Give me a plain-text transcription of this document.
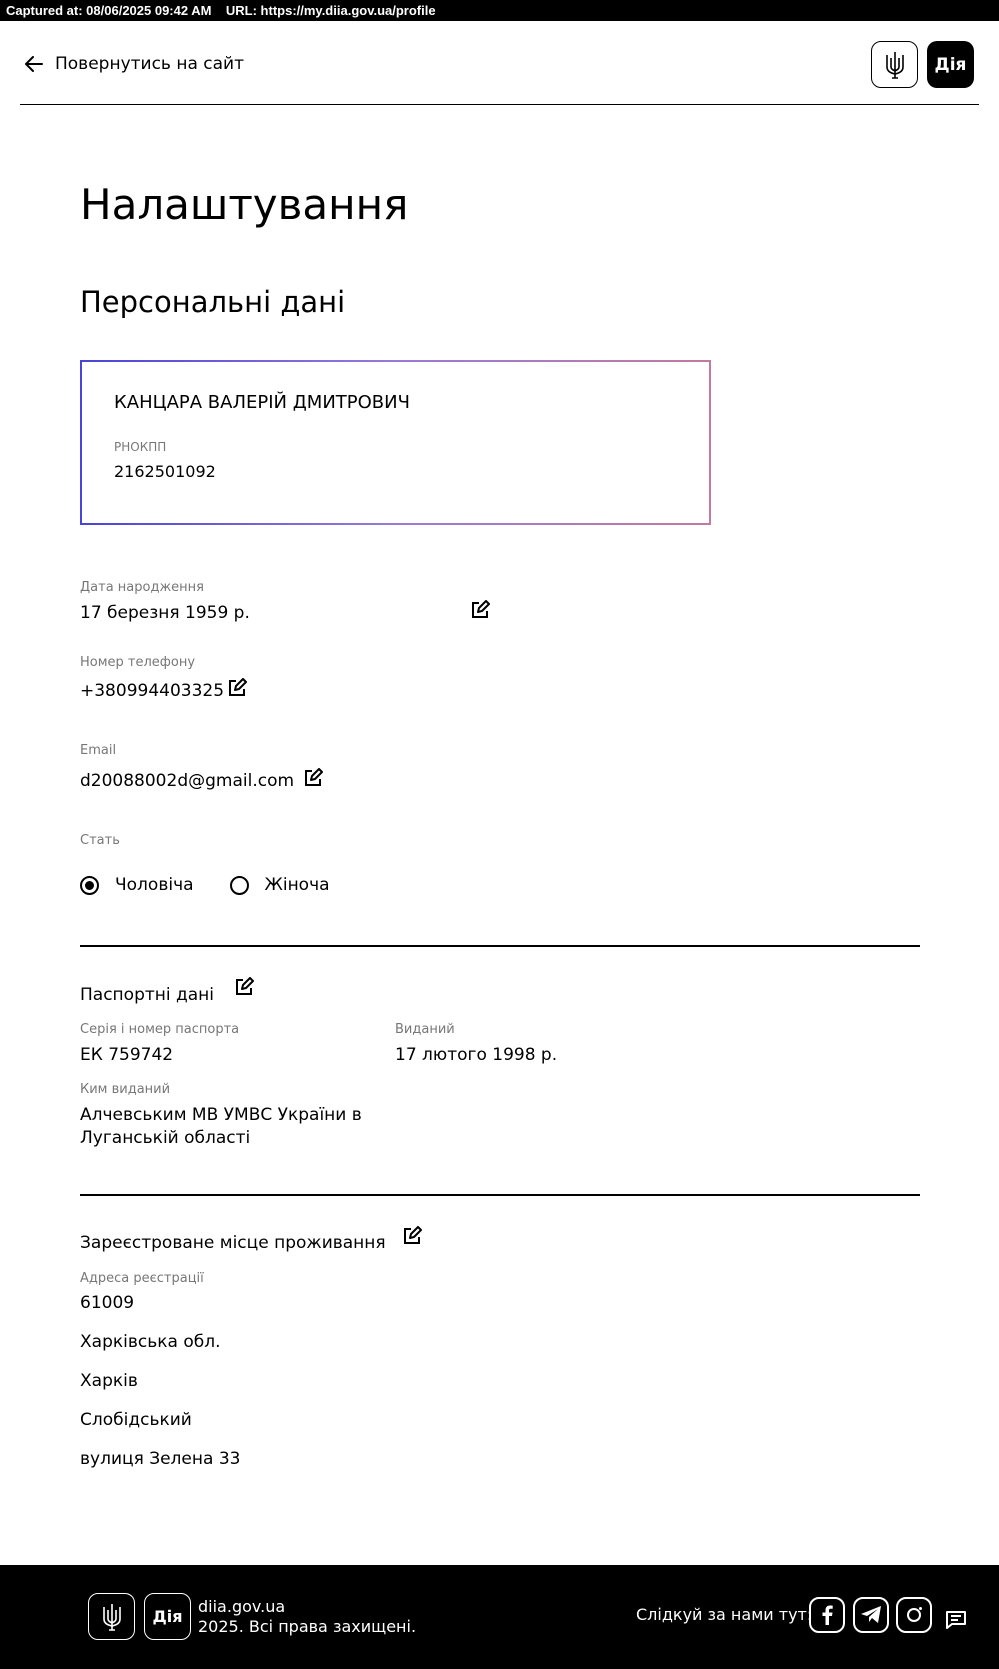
Captured at: 08/06/2025 09:42 AM    URL: https://my.diia.gov.ua/profile
Повернутись на сайт	Дія
Налаштування
Персональні дані
КАНЦАРА ВАЛЕРІЙ ДМИТРОВИЧ
РНОКПП
2162501092
Дата народження
17 березня 1959 р.
Номер телефону
+380994403325
Email
d20088002d@gmail.com
Стать
Чоловіча	Жіноча
Паспортні дані
Серія і номер паспорта
ЕК 759742
Виданий
17 лютого 1998 р.
Ким виданий
Алчевським МВ УМВС України в
Луганській області
Зареєстроване місце проживання
Адреса реєстрації
61009
Харківська обл.
Харків
Слобідський
вулиця Зелена 33
Дія
diia.gov.ua
2025. Всі права захищені.
Слідкуй за нами тут:
